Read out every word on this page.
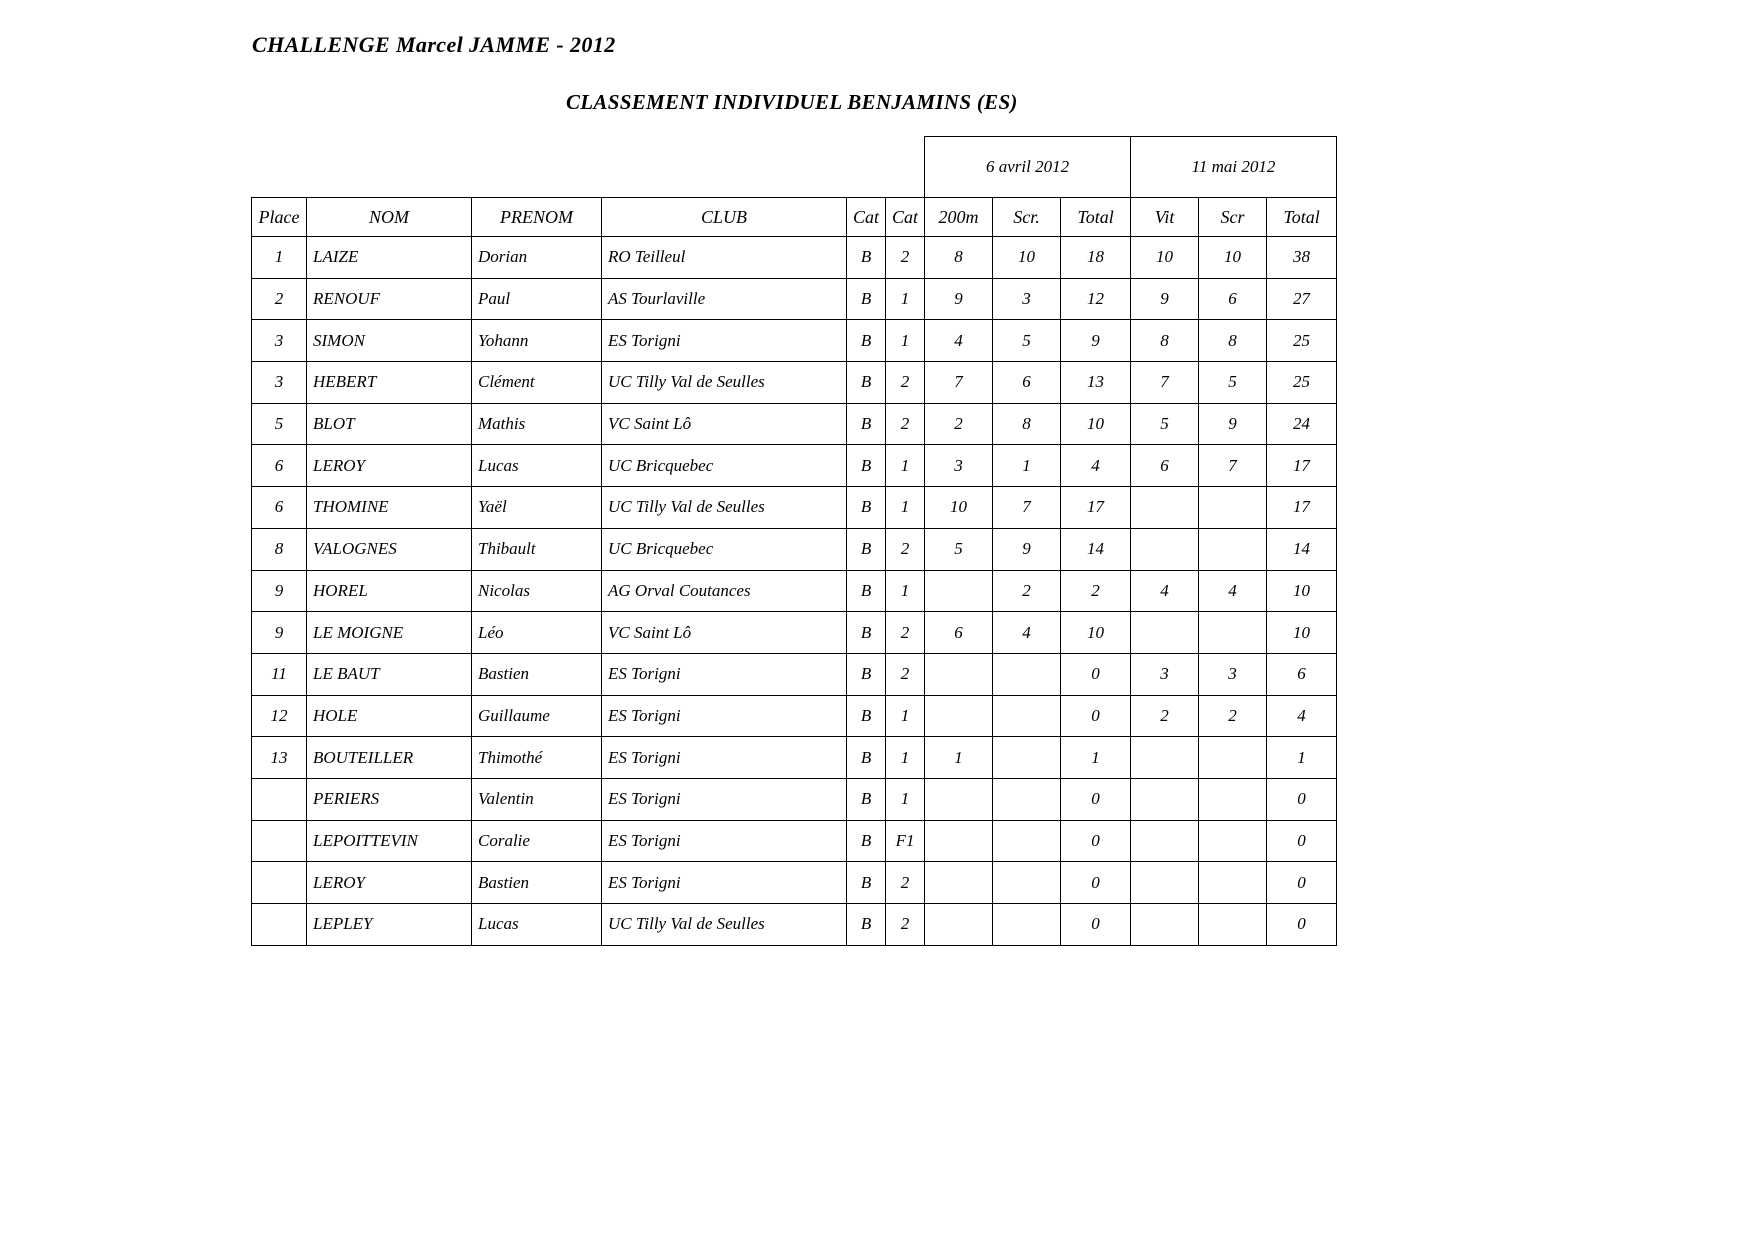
CHALLENGE Marcel JAMME - 2012
CLASSEMENT INDIVIDUEL BENJAMINS (ES)
						6 avril 2012			11 mai 2012		
Place	NOM	PRENOM	CLUB	Cat	Cat	200m	Scr.	Total	Vit	Scr	Total
1	LAIZE	Dorian	RO Teilleul	B	2	8	10	18	10	10	38
2	RENOUF	Paul	AS Tourlaville	B	1	9	3	12	9	6	27
3	SIMON	Yohann	ES Torigni	B	1	4	5	9	8	8	25
3	HEBERT	Clément	UC Tilly Val de Seulles	B	2	7	6	13	7	5	25
5	BLOT	Mathis	VC Saint Lô	B	2	2	8	10	5	9	24
6	LEROY	Lucas	UC Bricquebec	B	1	3	1	4	6	7	17
6	THOMINE	Yaël	UC Tilly Val de Seulles	B	1	10	7	17			17
8	VALOGNES	Thibault	UC Bricquebec	B	2	5	9	14			14
9	HOREL	Nicolas	AG Orval Coutances	B	1		2	2	4	4	10
9	LE MOIGNE	Léo	VC Saint Lô	B	2	6	4	10			10
11	LE BAUT	Bastien	ES Torigni	B	2			0	3	3	6
12	HOLE	Guillaume	ES Torigni	B	1			0	2	2	4
13	BOUTEILLER	Thimothé	ES Torigni	B	1	1		1			1
	PERIERS	Valentin	ES Torigni	B	1			0			0
	LEPOITTEVIN	Coralie	ES Torigni	B	F1			0			0
	LEROY	Bastien	ES Torigni	B	2			0			0
	LEPLEY	Lucas	UC Tilly Val de Seulles	B	2			0			0
